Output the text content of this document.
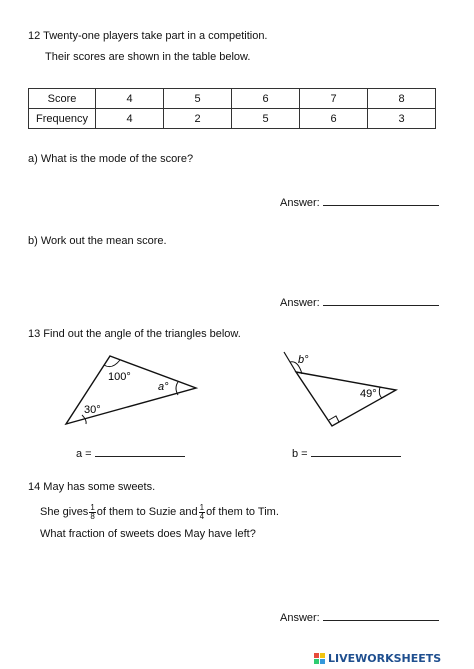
12 Twenty-one players take part in a competition.
Their scores are shown in the table below.
Score	4	5	6	7	8
Frequency	4	2	5	6	3
a) What is the mode of the score?
Answer:
b) Work out the mean score.
Answer:
13 Find out the angle of the triangles below.
100°
30°
a°
b°
49°
a =	b =
14 May has some sweets.
She gives $\frac{1}{8}$ of them to Suzie and $\frac{1}{4}$ of them to Tim.
What fraction of sweets does May have left?
Answer:
LIVEWORKSHEETS
